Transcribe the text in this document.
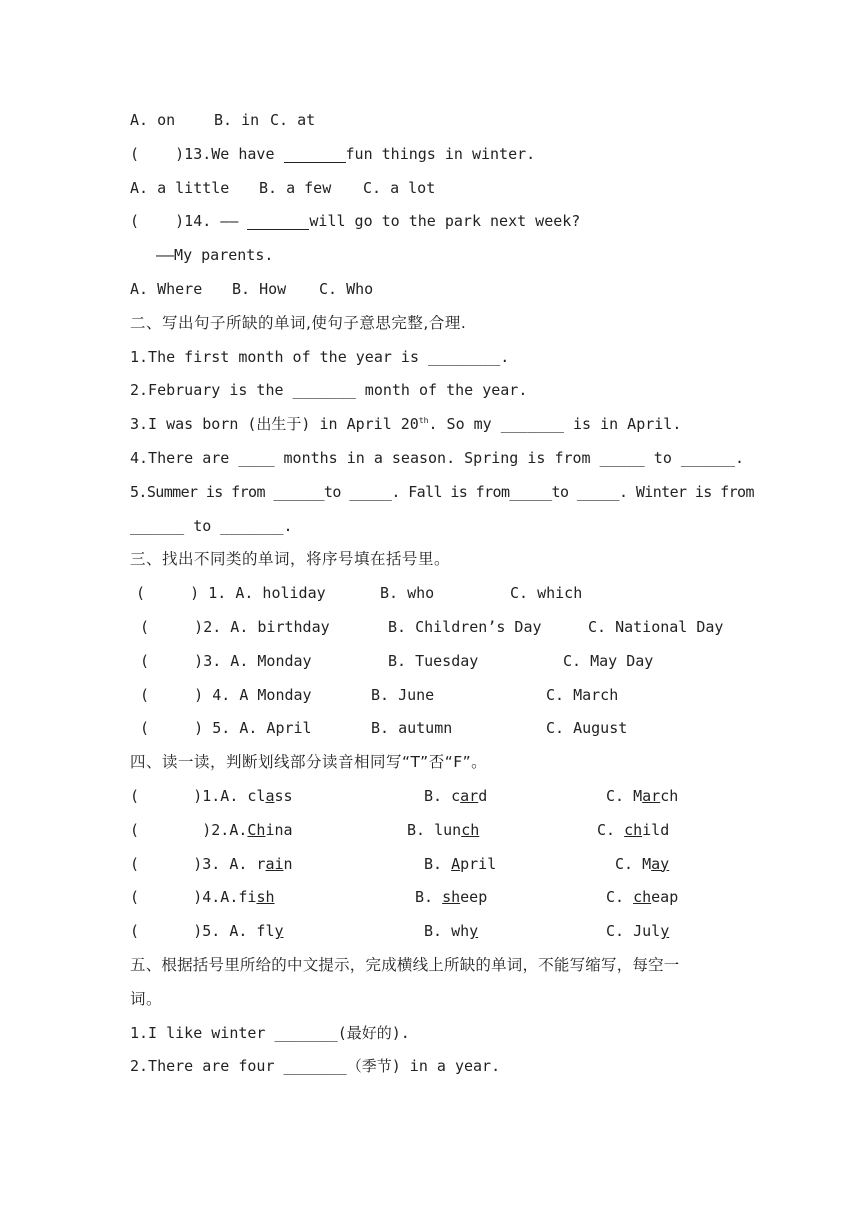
A. on

	B. in

C. at

(    )13.We have	fun things in winter.

A. a little

B. a few

C. a lot

(    )14. ——	will go to the park next week?
——My parents.

A. Where

B. How

C. Who

二、写出句子所缺的单词,使句子意思完整,合理.
1.The first month of the year is ________.
2.February is the _______ month of the year.
3.I was born (出生于) in April 20th. So my _______ is in April.
4.There are ____ months in a season. Spring is from _____ to ______.
5.Summer is from ______to _____. Fall is from_____to _____. Winter is from
______ to _______.
三、找出不同类的单词，将序号填在括号里。

(     ) 1. A. holiday

	B. who

	C. which

(     )2. A. birthday

	B. Children’s Day

	C. National Day

(     )3. A. Monday

	B. Tuesday

	C. May Day

(     ) 4. A Monday

	B. June

	C. March

(     ) 5. A. April

	B. autumn

	C. August

四、读一读，判断划线部分读音相同写“T”否“F”。

(      )1.A. class

	B. card

	C. March

(       )2.A.China

	B. lunch

	C. child

(      )3. A. rain

	B. April

	C. May

(      )4.A.fish

	B. sheep

	C. cheap

(      )5. A. fly

	B. why

	C. July

五、根据括号里所给的中文提示，完成横线上所缺的单词，不能写缩写，每空一
词。
1.I like winter _______(最好的).
2.There are four _______（季节) in a year.
